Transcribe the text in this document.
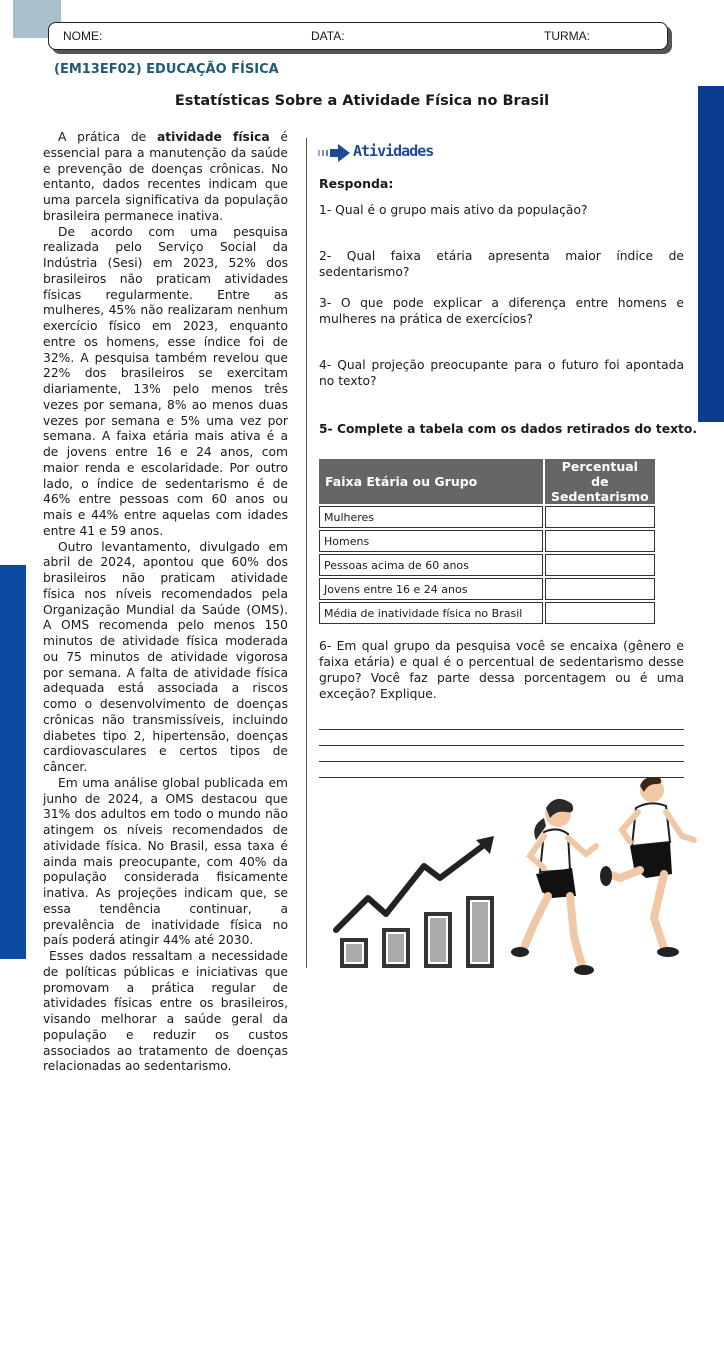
NOME:	DATA:	TURMA:
(EM13EF02) EDUCAÇÃO FÍSICA
Estatísticas Sobre a Atividade Física no Brasil
@agedigital__

A prática de atividade física é essencial para a manutenção da saúde e prevenção de doenças crônicas. No entanto, dados recentes indicam que uma parcela significativa da população brasileira permanece inativa.

De acordo com uma pesquisa realizada pelo Serviço Social da Indústria (Sesi) em 2023, 52% dos brasileiros não praticam atividades físicas regularmente. Entre as mulheres, 45% não realizaram nenhum exercício físico em 2023, enquanto entre os homens, esse índice foi de 32%. A pesquisa também revelou que 22% dos brasileiros se exercitam diariamente, 13% pelo menos três vezes por semana, 8% ao menos duas vezes por semana e 5% uma vez por semana. A faixa etária mais ativa é a de jovens entre 16 e 24 anos, com maior renda e escolaridade. Por outro lado, o índice de sedentarismo é de 46% entre pessoas com 60 anos ou mais e 44% entre aquelas com idades entre 41 e 59 anos.

Outro levantamento, divulgado em abril de 2024, apontou que 60% dos brasileiros não praticam atividade física nos níveis recomendados pela Organização Mundial da Saúde (OMS). A OMS recomenda pelo menos 150 minutos de atividade física moderada ou 75 minutos de atividade vigorosa por semana. A falta de atividade física adequada está associada a riscos como o desenvolvimento de doenças crônicas não transmissíveis, incluindo diabetes tipo 2, hipertensão, doenças cardiovasculares e certos tipos de câncer.

Em uma análise global publicada em junho de 2024, a OMS destacou que 31% dos adultos em todo o mundo não atingem os níveis recomendados de atividade física. No Brasil, essa taxa é ainda mais preocupante, com 40% da população considerada fisicamente inativa. As projeções indicam que, se essa tendência continuar, a prevalência de inatividade física no país poderá atingir 44% até 2030.

Esses dados ressaltam a necessidade de políticas públicas e iniciativas que promovam a prática regular de atividades físicas entre os brasileiros, visando melhorar a saúde geral da população e reduzir os custos associados ao tratamento de doenças relacionadas ao sedentarismo.

Atividades
Responda:
1- Qual é o grupo mais ativo da população?
2- Qual faixa etária apresenta maior índice de sedentarismo?
3- O que pode explicar a diferença entre homens e mulheres na prática de exercícios?
4- Qual projeção preocupante para o futuro foi apontada no texto?
5- Complete a tabela com os dados retirados do texto.
Faixa Etária ou Grupo		Percentual de Sedentarismo
Mulheres		
Homens		
Pessoas acima de 60 anos		
Jovens entre 16 e 24 anos		
Média de inatividade física no Brasil		
6- Em qual grupo da pesquisa você se encaixa (gênero e faixa etária) e qual é o percentual de sedentarismo desse grupo? Você faz parte dessa porcentagem ou é uma exceção? Explique.
